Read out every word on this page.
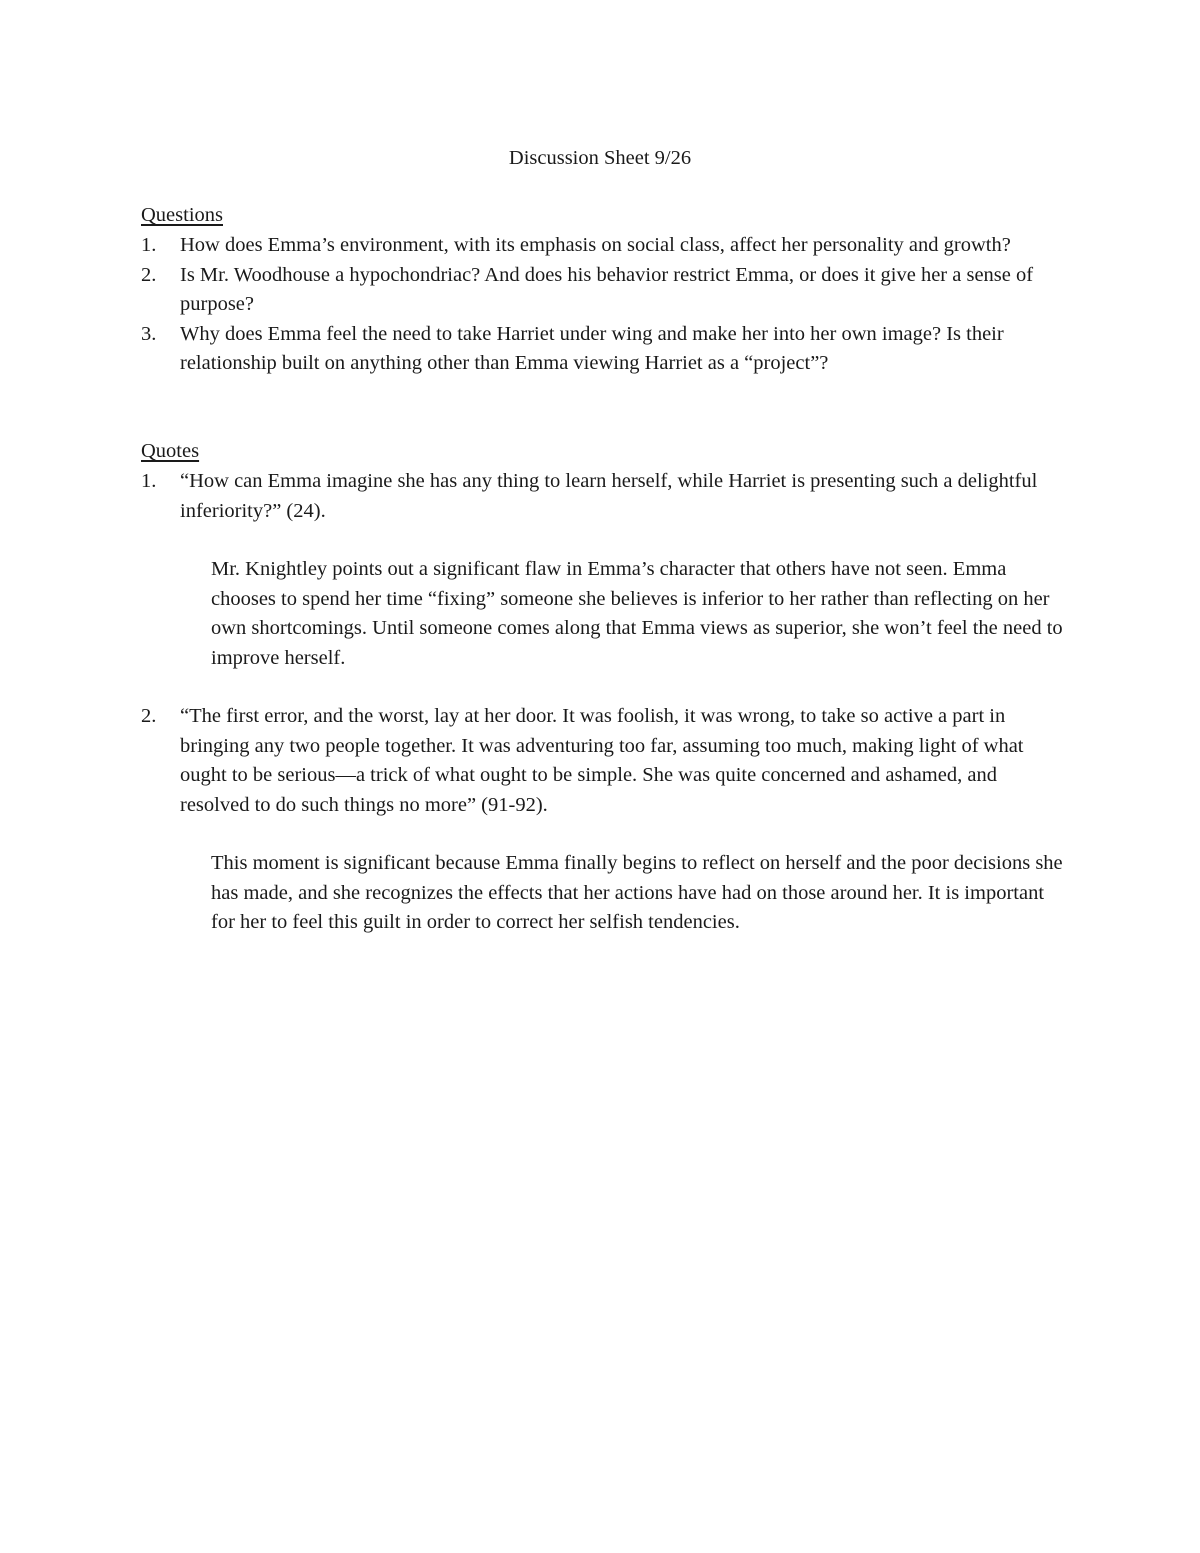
Discussion Sheet 9/26
Questions
1. How does Emma’s environment, with its emphasis on social class, affect her personality and growth?
2. Is Mr. Woodhouse a hypochondriac? And does his behavior restrict Emma, or does it give her a sense of purpose?
3. Why does Emma feel the need to take Harriet under wing and make her into her own image? Is their relationship built on anything other than Emma viewing Harriet as a “project”?
Quotes
1. “How can Emma imagine she has any thing to learn herself, while Harriet is presenting such a delightful inferiority?” (24).

Mr. Knightley points out a significant flaw in Emma’s character that others have not seen. Emma chooses to spend her time “fixing” someone she believes is inferior to her rather than reflecting on her own shortcomings. Until someone comes along that Emma views as superior, she won’t feel the need to improve herself.

2. “The first error, and the worst, lay at her door. It was foolish, it was wrong, to take so active a part in bringing any two people together. It was adventuring too far, assuming too much, making light of what ought to be serious—a trick of what ought to be simple. She was quite concerned and ashamed, and resolved to do such things no more” (91-92).

This moment is significant because Emma finally begins to reflect on herself and the poor decisions she has made, and she recognizes the effects that her actions have had on those around her. It is important for her to feel this guilt in order to correct her selfish tendencies.
